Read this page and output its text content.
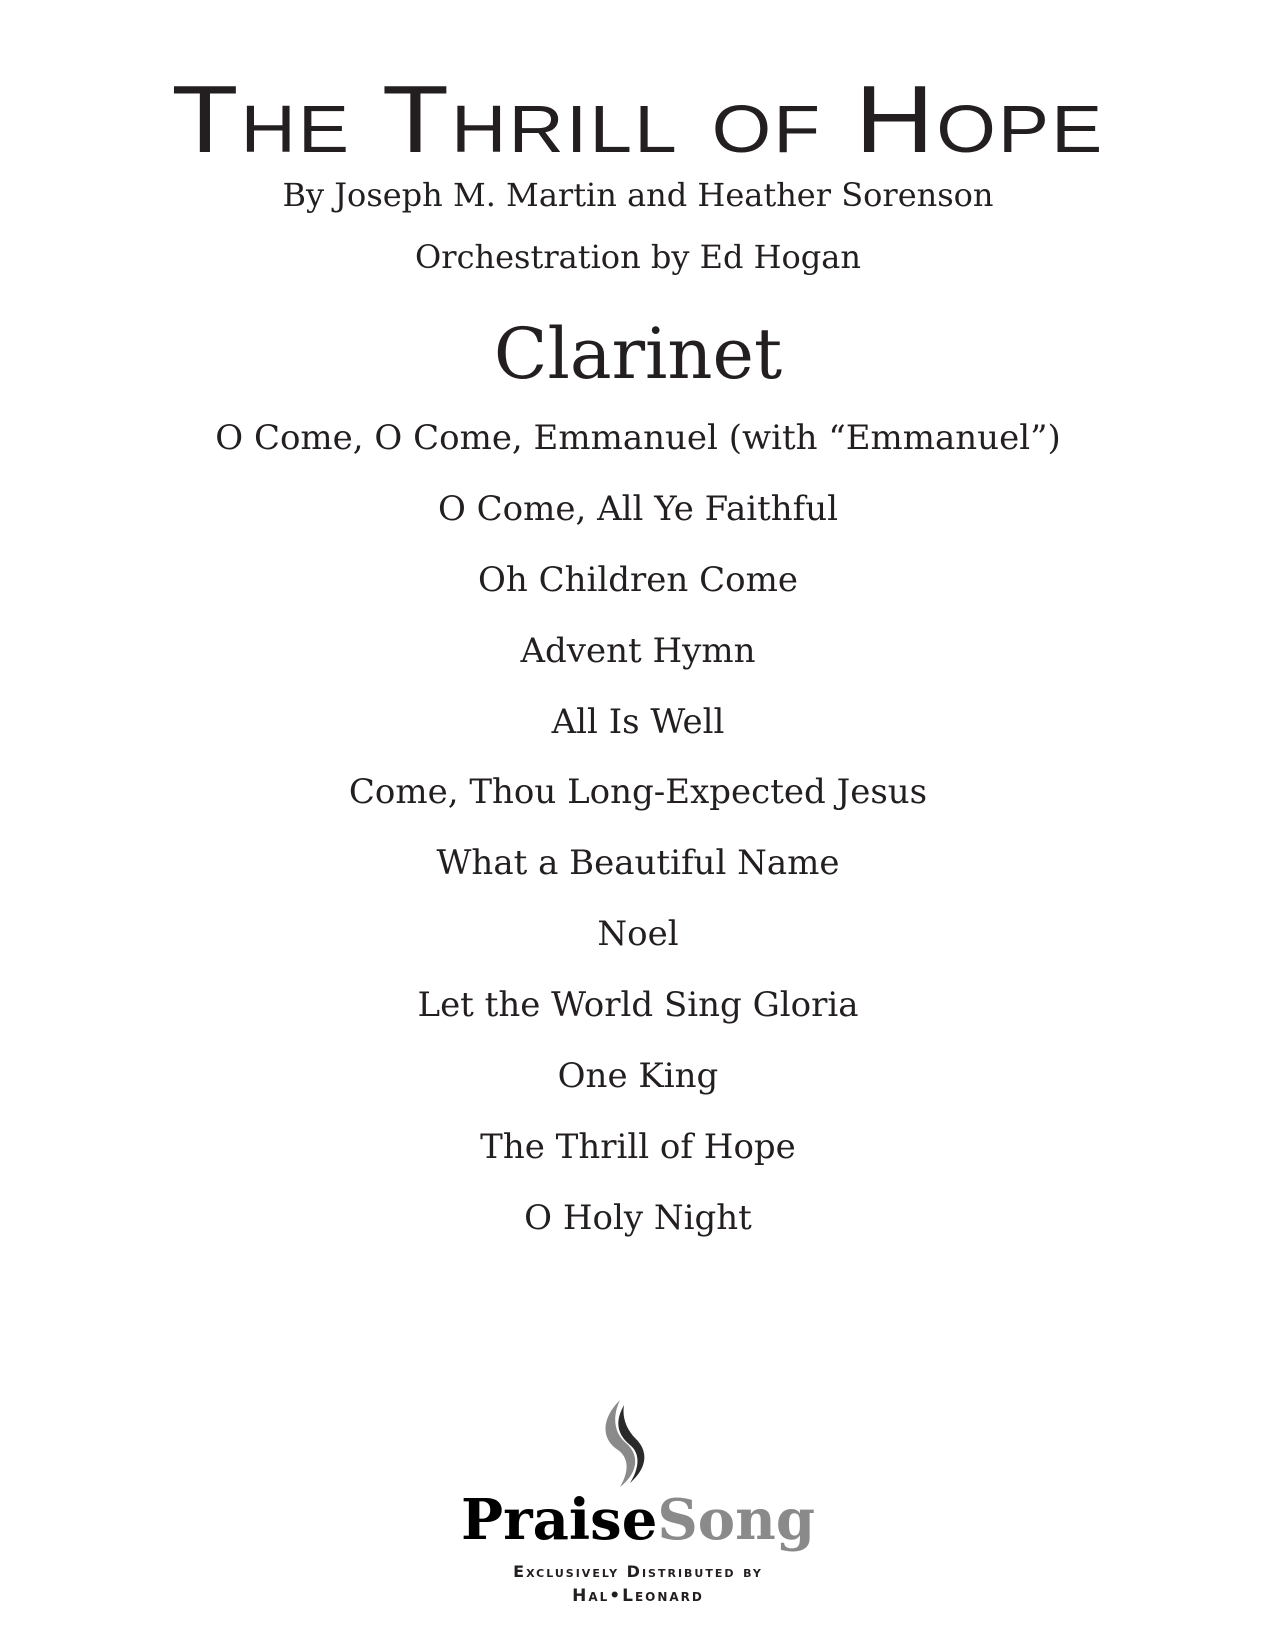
The Thrill of Hope
By Joseph M. Martin and Heather Sorenson
Orchestration by Ed Hogan
Clarinet
O Come, O Come, Emmanuel (with “Emmanuel”)
O Come, All Ye Faithful
Oh Children Come
Advent Hymn
All Is Well
Come, Thou Long-Expected Jesus
What a Beautiful Name
Noel
Let the World Sing Gloria
One King
The Thrill of Hope
O Holy Night
PraiseSong
Exclusively Distributed by
Hal•Leonard
